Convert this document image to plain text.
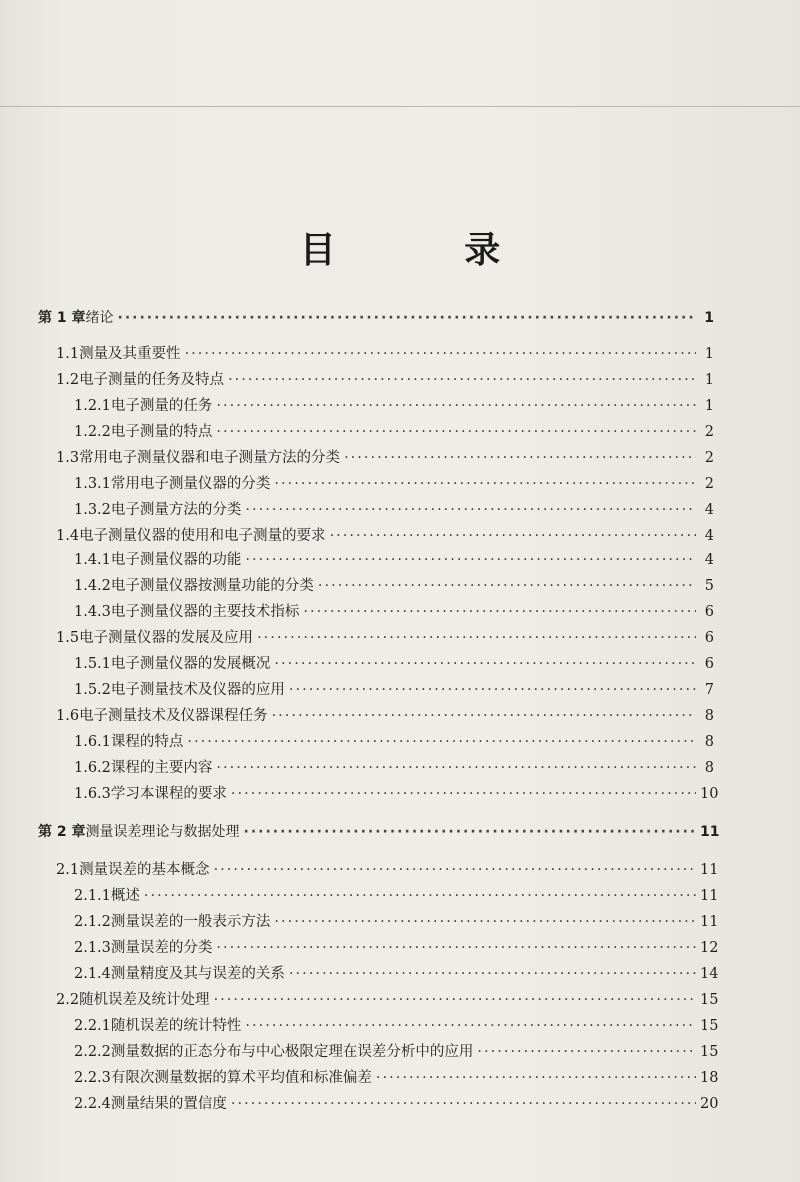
目 录
第 1 章 绪论 ·····	1
1.1 测量及其重要性 ·····	1
1.2 电子测量的任务及特点 ·····	1
1.2.1 电子测量的任务 ·····	1
1.2.2 电子测量的特点 ·····	2
1.3 常用电子测量仪器和电子测量方法的分类 ·····	2
1.3.1 常用电子测量仪器的分类 ·····	2
1.3.2 电子测量方法的分类 ·····	4
1.4 电子测量仪器的使用和电子测量的要求 ·····	4
1.4.1 电子测量仪器的功能 ·····	4
1.4.2 电子测量仪器按测量功能的分类 ·····	5
1.4.3 电子测量仪器的主要技术指标 ·····	6
1.5 电子测量仪器的发展及应用 ·····	6
1.5.1 电子测量仪器的发展概况 ·····	6
1.5.2 电子测量技术及仪器的应用 ·····	7
1.6 电子测量技术及仪器课程任务 ·····	8
1.6.1 课程的特点 ·····	8
1.6.2 课程的主要内容 ·····	8
1.6.3 学习本课程的要求 ·····	10
第 2 章 测量误差理论与数据处理 ·····	11
2.1 测量误差的基本概念 ·····	11
2.1.1 概述 ·····	11
2.1.2 测量误差的一般表示方法 ·····	11
2.1.3 测量误差的分类 ·····	12
2.1.4 测量精度及其与误差的关系 ·····	14
2.2 随机误差及统计处理 ·····	15
2.2.1 随机误差的统计特性 ·····	15
2.2.2 测量数据的正态分布与中心极限定理在误差分析中的应用 ·····	15
2.2.3 有限次测量数据的算术平均值和标准偏差 ·····	18
2.2.4 测量结果的置信度 ·····	20
